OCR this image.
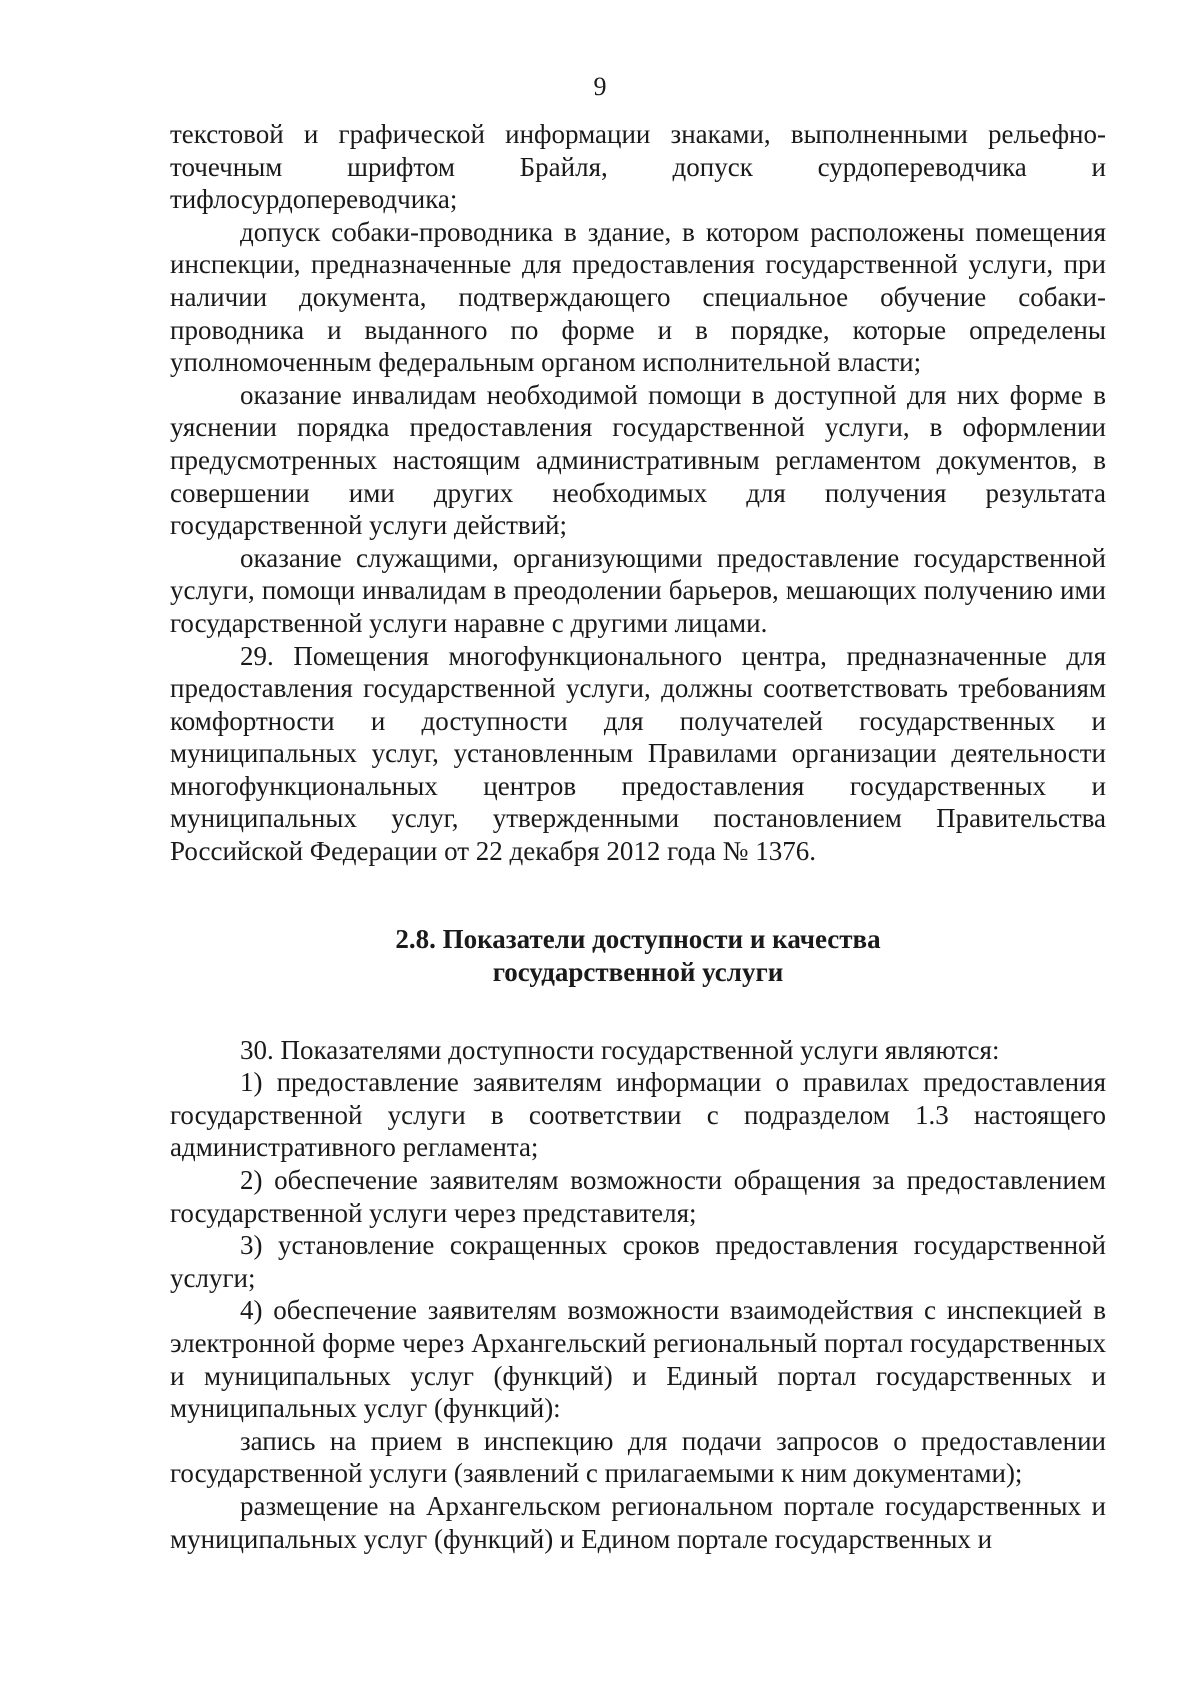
9

текстовой и графической информации знаками, выполненными рельефно-точечным шрифтом Брайля, допуск сурдопереводчика и тифлосурдопереводчика;

допуск собаки-проводника в здание, в котором расположены помещения инспекции, предназначенные для предоставления государственной услуги, при наличии документа, подтверждающего специальное обучение собаки-проводника и выданного по форме и в порядке, которые определены уполномоченным федеральным органом исполнительной власти;

оказание инвалидам необходимой помощи в доступной для них форме в уяснении порядка предоставления государственной услуги, в оформлении предусмотренных настоящим административным регламентом документов, в совершении ими других необходимых для получения результата государственной услуги действий;

оказание служащими, организующими предоставление государственной услуги, помощи инвалидам в преодолении барьеров, мешающих получению ими государственной услуги наравне с другими лицами.

29. Помещения многофункционального центра, предназначенные для предоставления государственной услуги, должны соответствовать требованиям комфортности и доступности для получателей государственных и муниципальных услуг, установленным Правилами организации деятельности многофункциональных центров предоставления государственных и муниципальных услуг, утвержденными постановлением Правительства Российской Федерации от 22 декабря 2012 года № 1376.

2.8. Показатели доступности и качества
государственной услуги

30. Показателями доступности государственной услуги являются:

1) предоставление заявителям информации о правилах предоставления государственной услуги в соответствии с подразделом 1.3 настоящего административного регламента;

2) обеспечение заявителям возможности обращения за предоставлением государственной услуги через представителя;

3) установление сокращенных сроков предоставления государственной услуги;

4) обеспечение заявителям возможности взаимодействия с инспекцией в электронной форме через Архангельский региональный портал государственных и муниципальных услуг (функций) и Единый портал государственных и муниципальных услуг (функций):

запись на прием в инспекцию для подачи запросов о предоставлении государственной услуги (заявлений с прилагаемыми к ним документами);

размещение на Архангельском региональном портале государственных и муниципальных услуг (функций) и Едином портале государственных и
